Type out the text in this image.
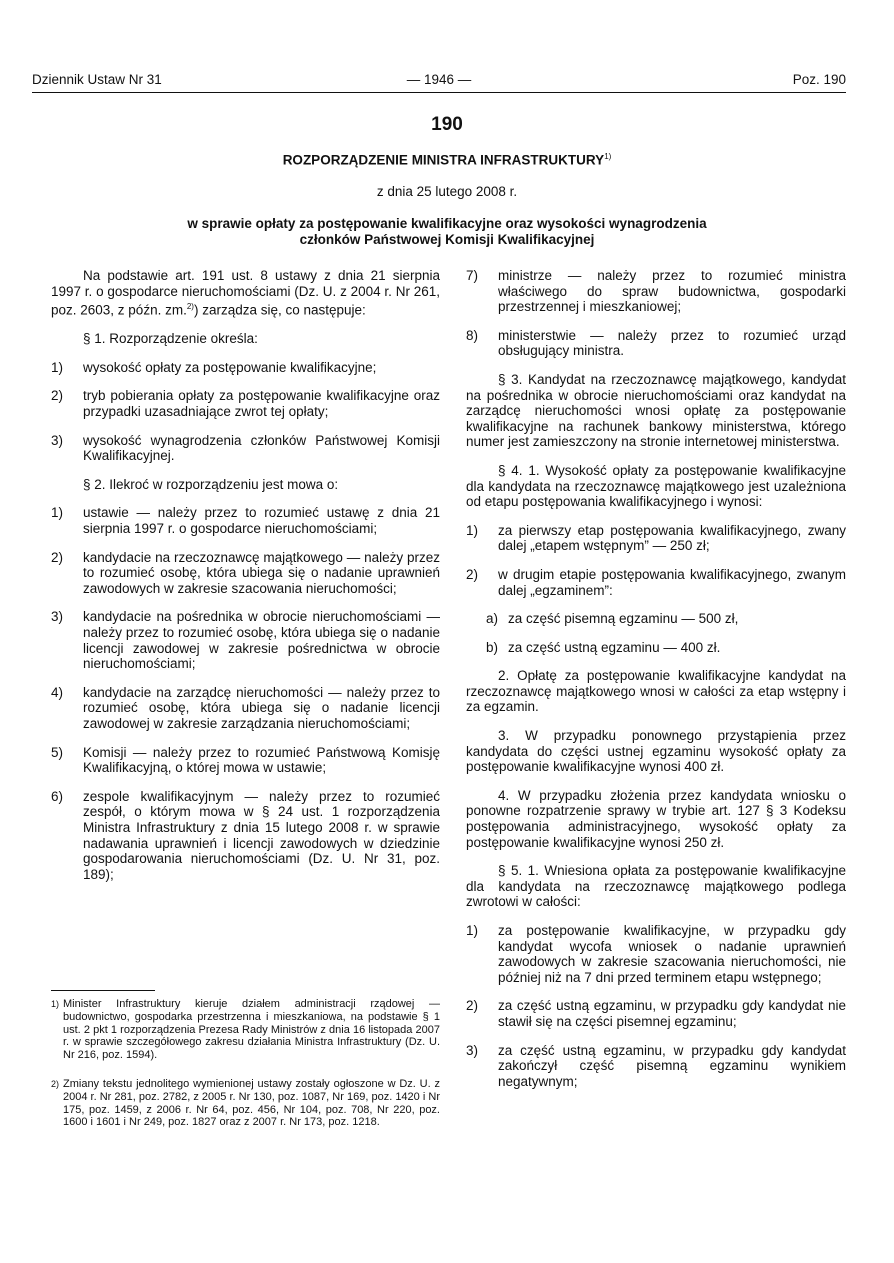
Dziennik Ustaw Nr 31	— 1946 —	Poz. 190
190
ROZPORZĄDZENIE MINISTRA INFRASTRUKTURY$^{1)}$
z dnia 25 lutego 2008 r.
w sprawie opłaty za postępowanie kwalifikacyjne oraz wysokości wynagrodzenia
członków Państwowej Komisji Kwalifikacyjnej

Na podstawie art. 191 ust. 8 ustawy z dnia 21 sierpnia 1997 r. o gospodarce nieruchomościami (Dz. U. z 2004 r. Nr 261, poz. 2603, z późn. zm.$^{2)}$) zarządza się, co następuje:

§ 1. Rozporządzenie określa:

1) wysokość opłaty za postępowanie kwalifikacyjne;
2) tryb pobierania opłaty za postępowanie kwalifikacyjne oraz przypadki uzasadniające zwrot tej opłaty;
3) wysokość wynagrodzenia członków Państwowej Komisji Kwalifikacyjnej.

§ 2. Ilekroć w rozporządzeniu jest mowa o:

1) ustawie — należy przez to rozumieć ustawę z dnia 21 sierpnia 1997 r. o gospodarce nieruchomościami;
2) kandydacie na rzeczoznawcę majątkowego — należy przez to rozumieć osobę, która ubiega się o nadanie uprawnień zawodowych w zakresie szacowania nieruchomości;
3) kandydacie na pośrednika w obrocie nieruchomościami — należy przez to rozumieć osobę, która ubiega się o nadanie licencji zawodowej w zakresie pośrednictwa w obrocie nieruchomościami;
4) kandydacie na zarządcę nieruchomości — należy przez to rozumieć osobę, która ubiega się o nadanie licencji zawodowej w zakresie zarządzania nieruchomościami;
5) Komisji — należy przez to rozumieć Państwową Komisję Kwalifikacyjną, o której mowa w ustawie;
6) zespole kwalifikacyjnym — należy przez to rozumieć zespół, o którym mowa w § 24 ust. 1 rozporządzenia Ministra Infrastruktury z dnia 15 lutego 2008 r. w sprawie nadawania uprawnień i licencji zawodowych w dziedzinie gospodarowania nieruchomościami (Dz. U. Nr 31, poz. 189);
1) Minister Infrastruktury kieruje działem administracji rządowej — budownictwo, gospodarka przestrzenna i mieszkaniowa, na podstawie § 1 ust. 2 pkt 1 rozporządzenia Prezesa Rady Ministrów z dnia 16 listopada 2007 r. w sprawie szczegółowego zakresu działania Ministra Infrastruktury (Dz. U. Nr 216, poz. 1594).
2) Zmiany tekstu jednolitego wymienionej ustawy zostały ogłoszone w Dz. U. z 2004 r. Nr 281, poz. 2782, z 2005 r. Nr 130, poz. 1087, Nr 169, poz. 1420 i Nr 175, poz. 1459, z 2006 r. Nr 64, poz. 456, Nr 104, poz. 708, Nr 220, poz. 1600 i 1601 i Nr 249, poz. 1827 oraz z 2007 r. Nr 173, poz. 1218.
7) ministrze — należy przez to rozumieć ministra właściwego do spraw budownictwa, gospodarki przestrzennej i mieszkaniowej;
8) ministerstwie — należy przez to rozumieć urząd obsługujący ministra.

§ 3. Kandydat na rzeczoznawcę majątkowego, kandydat na pośrednika w obrocie nieruchomościami oraz kandydat na zarządcę nieruchomości wnosi opłatę za postępowanie kwalifikacyjne na rachunek bankowy ministerstwa, którego numer jest zamieszczony na stronie internetowej ministerstwa.

§ 4. 1. Wysokość opłaty za postępowanie kwalifikacyjne dla kandydata na rzeczoznawcę majątkowego jest uzależniona od etapu postępowania kwalifikacyjnego i wynosi:

1) za pierwszy etap postępowania kwalifikacyjnego, zwany dalej „etapem wstępnym” — 250 zł;
2) w drugim etapie postępowania kwalifikacyjnego, zwanym dalej „egzaminem”:
a) za część pisemną egzaminu — 500 zł,
b) za część ustną egzaminu — 400 zł.

2. Opłatę za postępowanie kwalifikacyjne kandydat na rzeczoznawcę majątkowego wnosi w całości za etap wstępny i za egzamin.

3. W przypadku ponownego przystąpienia przez kandydata do części ustnej egzaminu wysokość opłaty za postępowanie kwalifikacyjne wynosi 400 zł.

4. W przypadku złożenia przez kandydata wniosku o ponowne rozpatrzenie sprawy w trybie art. 127 § 3 Kodeksu postępowania administracyjnego, wysokość opłaty za postępowanie kwalifikacyjne wynosi 250 zł.

§ 5. 1. Wniesiona opłata za postępowanie kwalifikacyjne dla kandydata na rzeczoznawcę majątkowego podlega zwrotowi w całości:

1) za postępowanie kwalifikacyjne, w przypadku gdy kandydat wycofa wniosek o nadanie uprawnień zawodowych w zakresie szacowania nieruchomości, nie później niż na 7 dni przed terminem etapu wstępnego;
2) za część ustną egzaminu, w przypadku gdy kandydat nie stawił się na części pisemnej egzaminu;
3) za część ustną egzaminu, w przypadku gdy kandydat zakończył część pisemną egzaminu wynikiem negatywnym;
